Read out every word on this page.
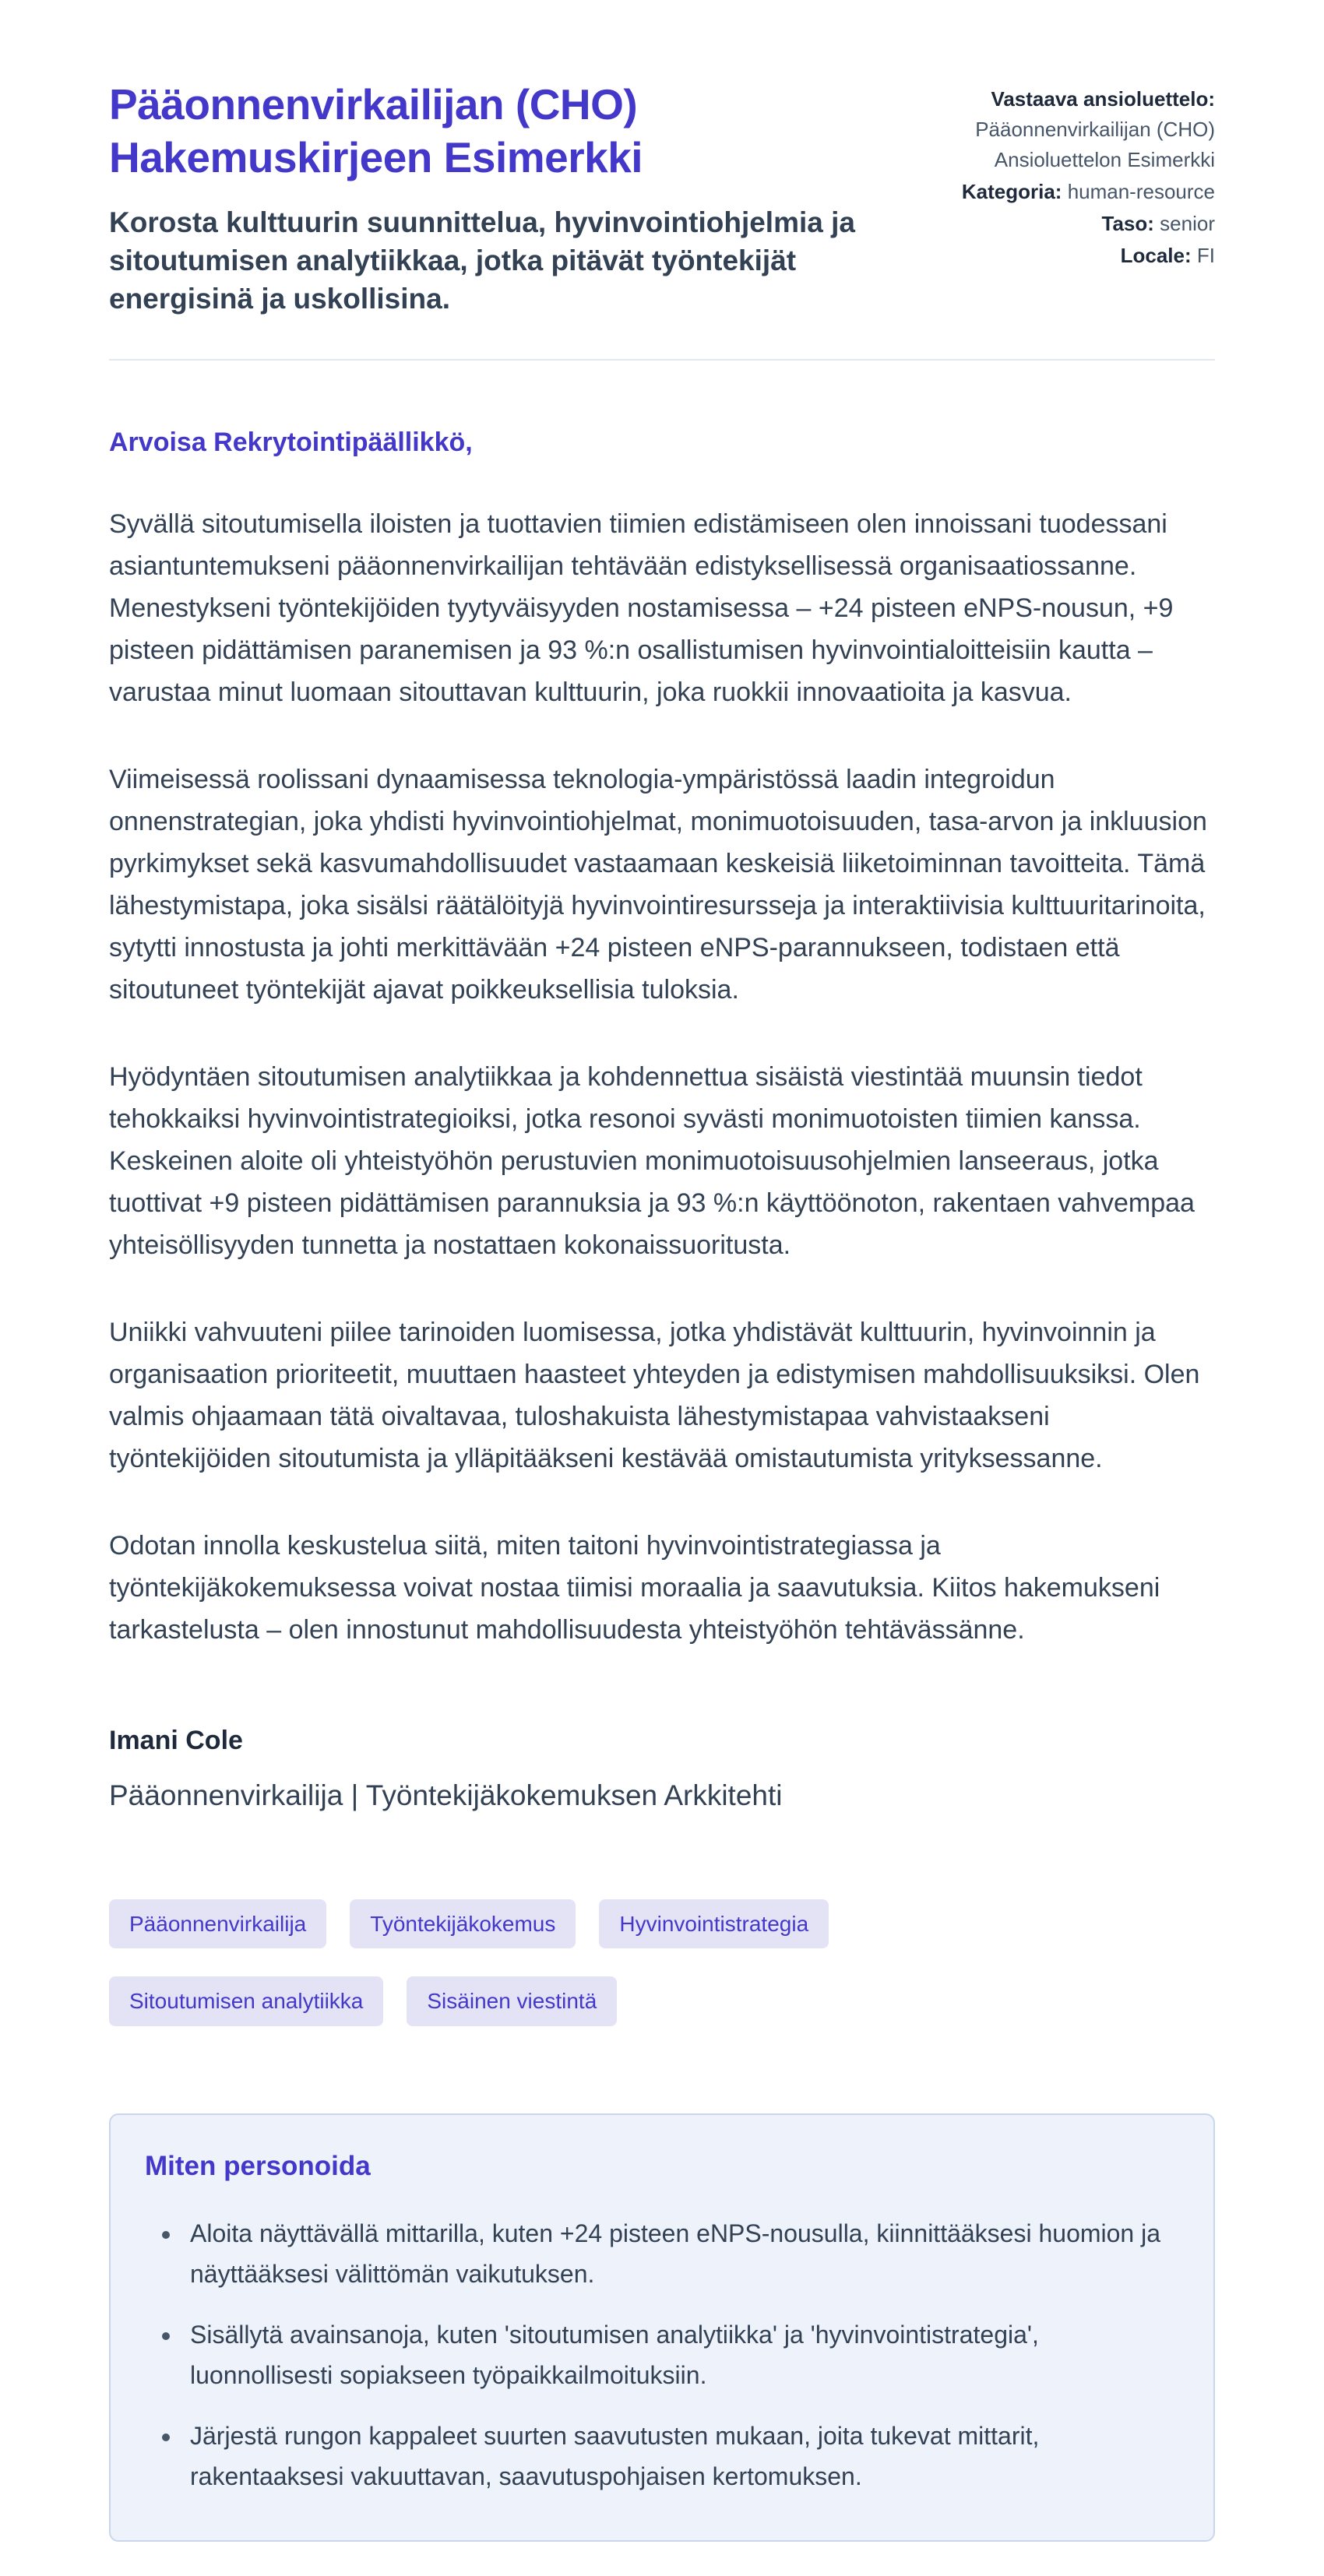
Pääonnenvirkailijan (CHO) Hakemuskirjeen Esimerkki

Korosta kulttuurin suunnittelua, hyvinvointiohjelmia ja sitoutumisen analytiikkaa, jotka pitävät työntekijät energisinä ja uskollisina.

Vastaava ansioluettelo:
Pääonnenvirkailijan (CHO) Ansioluettelon Esimerkki
Kategoria: human-resource
Taso: senior
Locale: FI

Arvoisa Rekrytointipäällikkö,

Syvällä sitoutumisella iloisten ja tuottavien tiimien edistämiseen olen innoissani tuodessani asiantuntemukseni pääonnenvirkailijan tehtävään edistyksellisessä organisaatiossanne. Menestykseni työntekijöiden tyytyväisyyden nostamisessa – +24 pisteen eNPS-nousun, +9 pisteen pidättämisen paranemisen ja 93 %:n osallistumisen hyvinvointialoitteisiin kautta – varustaa minut luomaan sitouttavan kulttuurin, joka ruokkii innovaatioita ja kasvua.

Viimeisessä roolissani dynaamisessa teknologia-ympäristössä laadin integroidun onnenstrategian, joka yhdisti hyvinvointiohjelmat, monimuotoisuuden, tasa-arvon ja inkluusion pyrkimykset sekä kasvumahdollisuudet vastaamaan keskeisiä liiketoiminnan tavoitteita. Tämä lähestymistapa, joka sisälsi räätälöityjä hyvinvointiresursseja ja interaktiivisia kulttuuritarinoita, sytytti innostusta ja johti merkittävään +24 pisteen eNPS-parannukseen, todistaen että sitoutuneet työntekijät ajavat poikkeuksellisia tuloksia.

Hyödyntäen sitoutumisen analytiikkaa ja kohdennettua sisäistä viestintää muunsin tiedot tehokkaiksi hyvinvointistrategioiksi, jotka resonoi syvästi monimuotoisten tiimien kanssa. Keskeinen aloite oli yhteistyöhön perustuvien monimuotoisuusohjelmien lanseeraus, jotka tuottivat +9 pisteen pidättämisen parannuksia ja 93 %:n käyttöönoton, rakentaen vahvempaa yhteisöllisyyden tunnetta ja nostattaen kokonaissuoritusta.

Uniikki vahvuuteni piilee tarinoiden luomisessa, jotka yhdistävät kulttuurin, hyvinvoinnin ja organisaation prioriteetit, muuttaen haasteet yhteyden ja edistymisen mahdollisuuksiksi. Olen valmis ohjaamaan tätä oivaltavaa, tuloshakuista lähestymistapaa vahvistaakseni työntekijöiden sitoutumista ja ylläpitääkseni kestävää omistautumista yrityksessanne.

Odotan innolla keskustelua siitä, miten taitoni hyvinvointistrategiassa ja työntekijäkokemuksessa voivat nostaa tiimisi moraalia ja saavutuksia. Kiitos hakemukseni tarkastelusta – olen innostunut mahdollisuudesta yhteistyöhön tehtävässänne.

Imani Cole

Pääonnenvirkailija | Työntekijäkokemuksen Arkkitehti

Pääonnenvirkailija	Työntekijäkokemus	Hyvinvointistrategia
Sitoutumisen analytiikka	Sisäinen viestintä
Miten personoida
• Aloita näyttävällä mittarilla, kuten +24 pisteen eNPS-nousulla, kiinnittääksesi huomion ja näyttääksesi välittömän vaikutuksen.
• Sisällytä avainsanoja, kuten 'sitoutumisen analytiikka' ja 'hyvinvointistrategia', luonnollisesti sopiakseen työpaikkailmoituksiin.
• Järjestä rungon kappaleet suurten saavutusten mukaan, joita tukevat mittarit, rakentaaksesi vakuuttavan, saavutuspohjaisen kertomuksen.
